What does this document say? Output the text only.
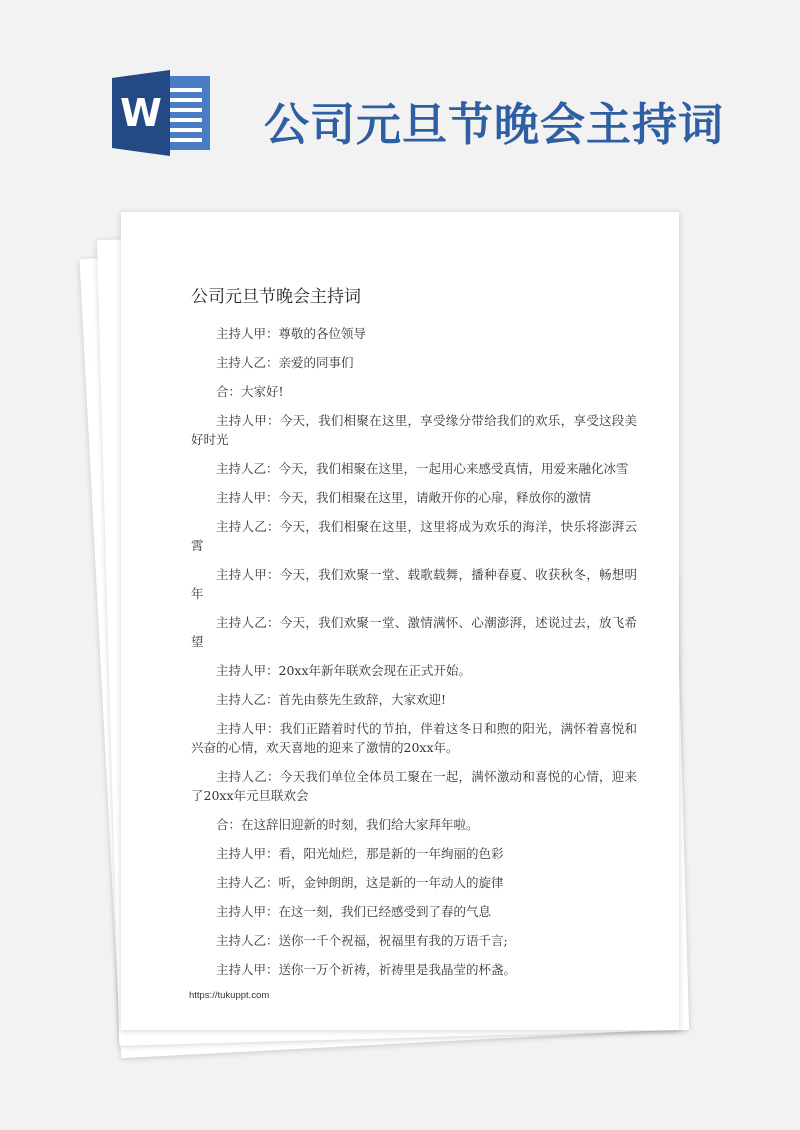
W 公司元旦节晚会主持词
公司元旦节晚会主持词

主持人甲：尊敬的各位领导

主持人乙：亲爱的同事们

合：大家好!

主持人甲：今天，我们相聚在这里，享受缘分带给我们的欢乐，享受这段美好时光

主持人乙：今天，我们相聚在这里，一起用心来感受真情，用爱来融化冰雪

主持人甲：今天，我们相聚在这里，请敞开你的心扉，释放你的激情

主持人乙：今天，我们相聚在这里，这里将成为欢乐的海洋，快乐将澎湃云霄

主持人甲：今天，我们欢聚一堂、载歌载舞，播种春夏、收获秋冬，畅想明年

主持人乙：今天，我们欢聚一堂、激情满怀、心潮澎湃，述说过去，放飞希望

主持人甲：20xx年新年联欢会现在正式开始。

主持人乙：首先由蔡先生致辞，大家欢迎!

主持人甲：我们正踏着时代的节拍，伴着这冬日和煦的阳光，满怀着喜悦和兴奋的心情，欢天喜地的迎来了激情的20xx年。

主持人乙：今天我们单位全体员工聚在一起，满怀激动和喜悦的心情，迎来了20xx年元旦联欢会

合：在这辞旧迎新的时刻，我们给大家拜年啦。

主持人甲：看，阳光灿烂，那是新的一年绚丽的色彩

主持人乙：听，金钟朗朗，这是新的一年动人的旋律

主持人甲：在这一刻，我们已经感受到了春的气息

主持人乙：送你一千个祝福，祝福里有我的万语千言;

主持人甲：送你一万个祈祷，祈祷里是我晶莹的杯盏。

https://tukuppt.com
